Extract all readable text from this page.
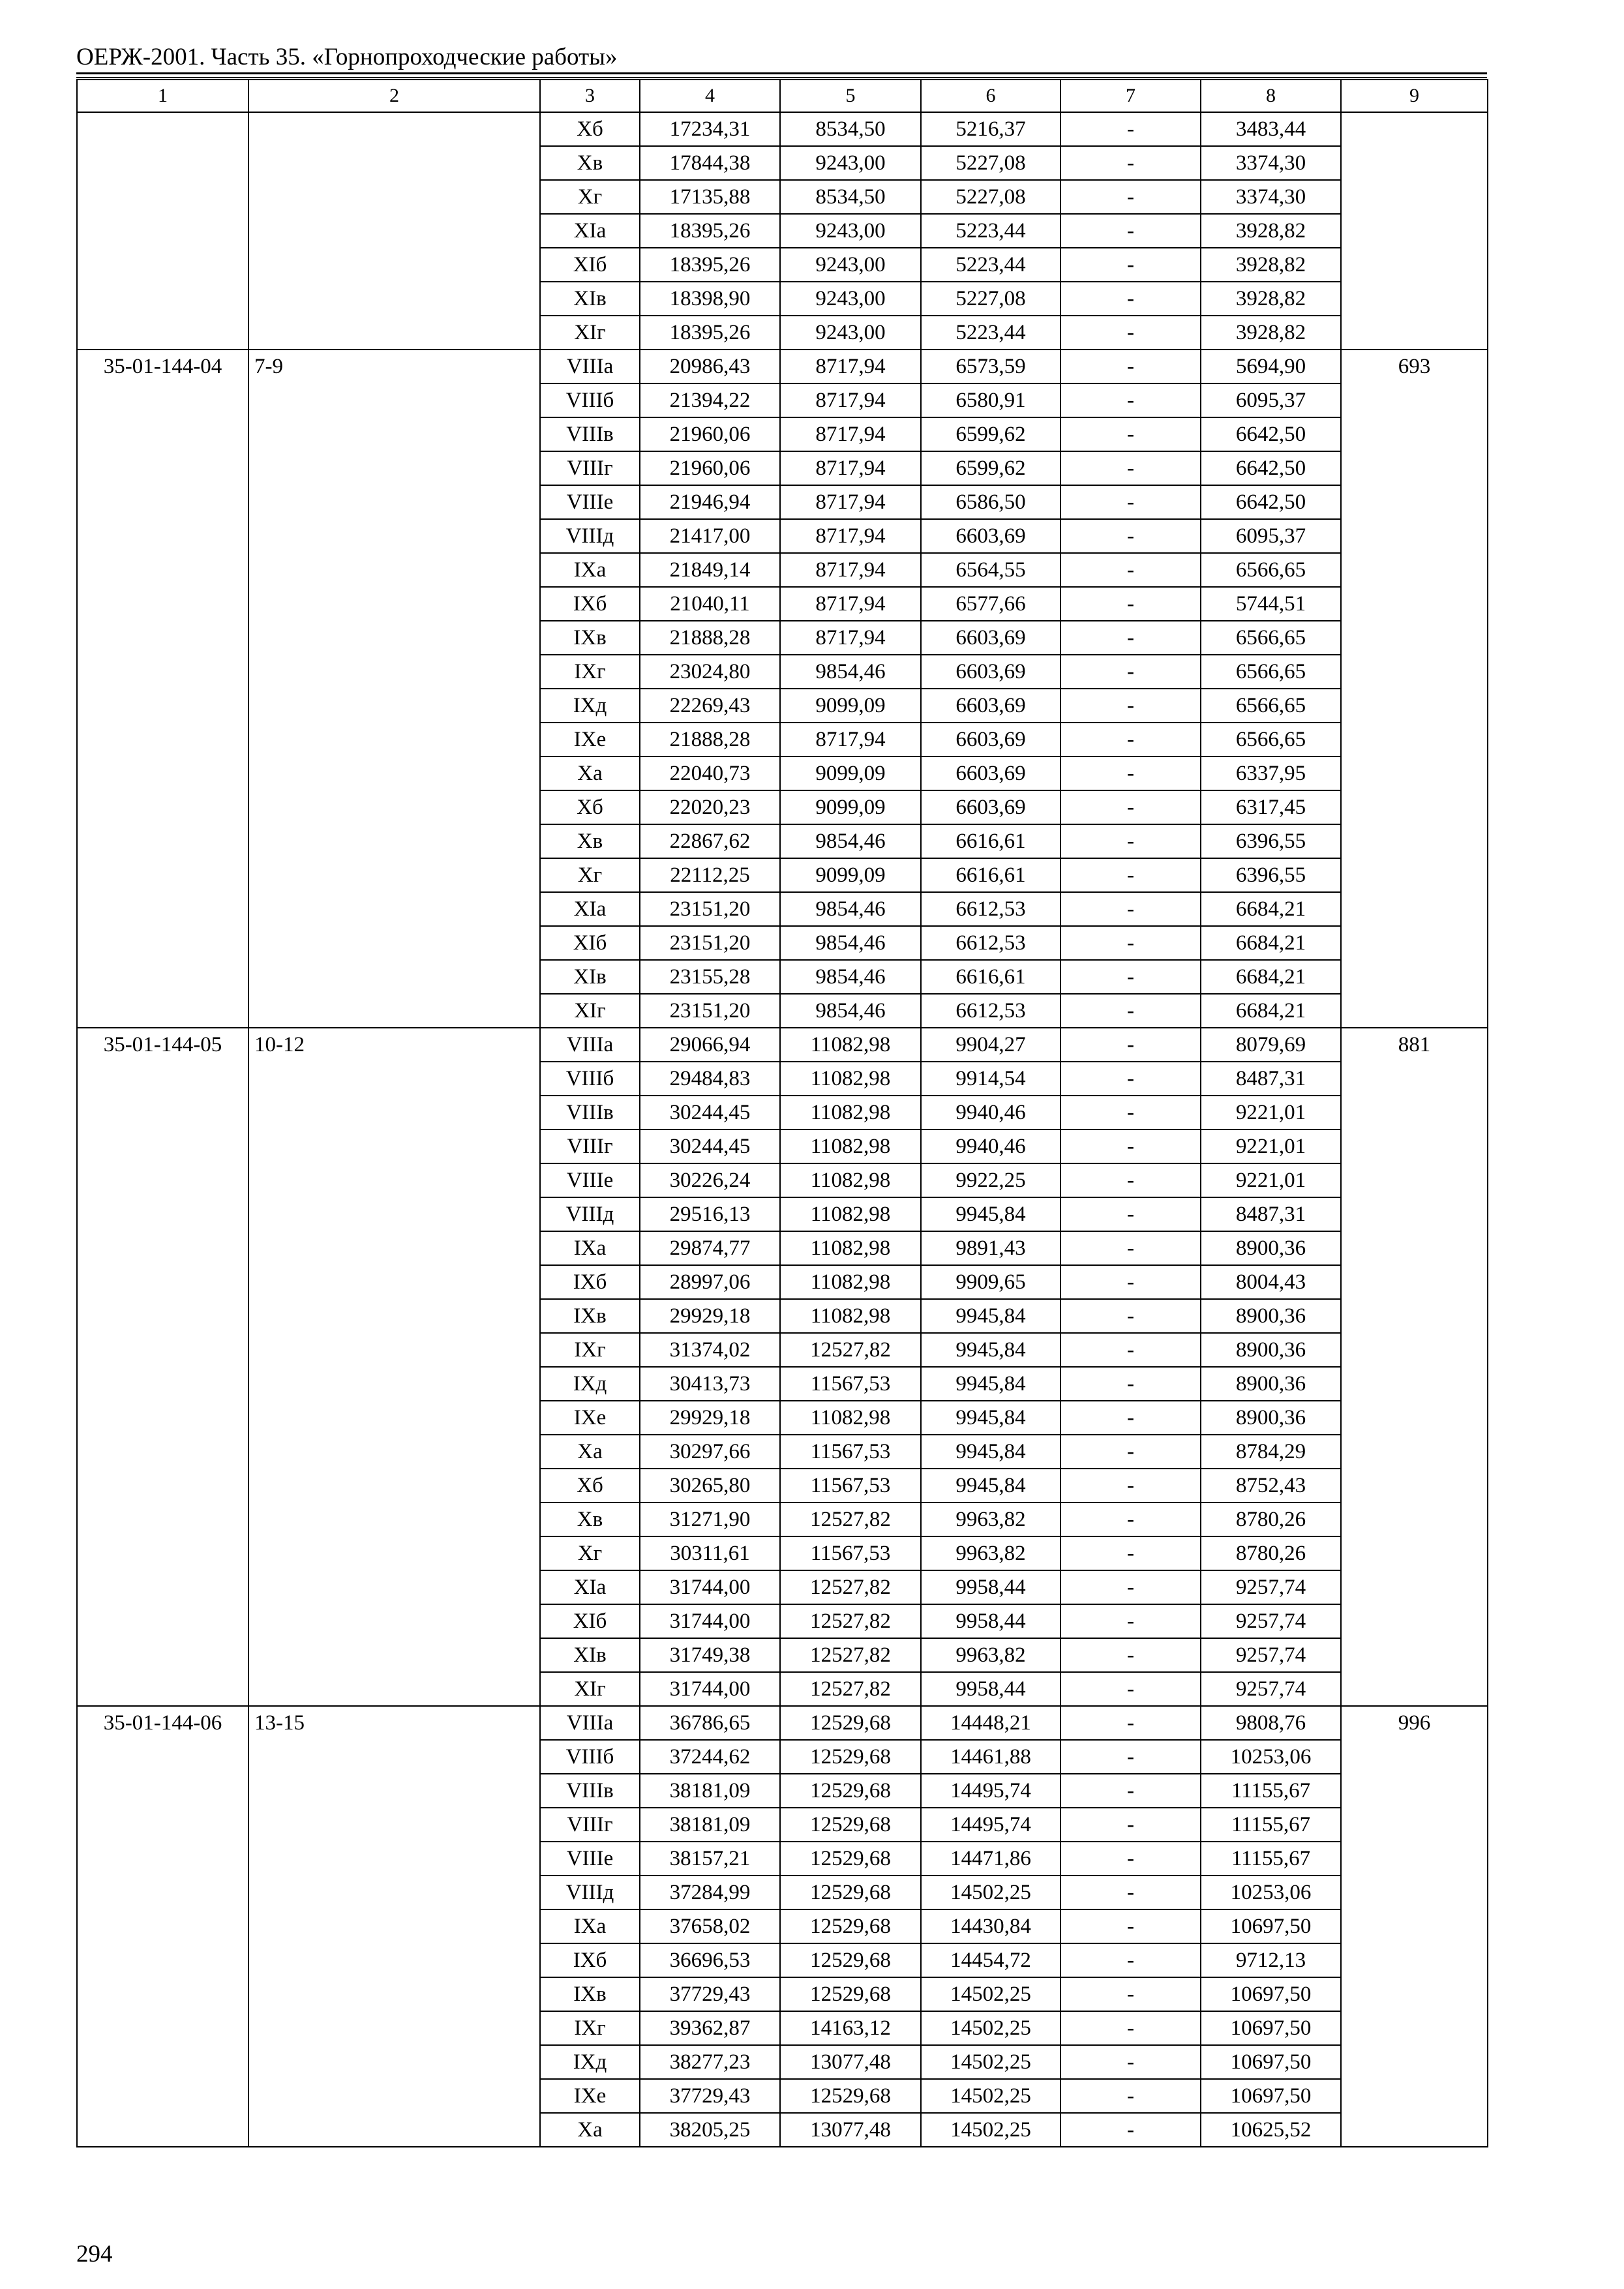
ОЕРЖ-2001. Часть 35. «Горнопроходческие работы»
1	2	3	4	5	6	7	8	9
		Xб	17234,31	8534,50	5216,37	-	3483,44	
		Xв	17844,38	9243,00	5227,08	-	3374,30	
		Xг	17135,88	8534,50	5227,08	-	3374,30	
		XIа	18395,26	9243,00	5223,44	-	3928,82	
		XIб	18395,26	9243,00	5223,44	-	3928,82	
		XIв	18398,90	9243,00	5227,08	-	3928,82	
		XIг	18395,26	9243,00	5223,44	-	3928,82	
35-01-144-04	7-9	VIIIа	20986,43	8717,94	6573,59	-	5694,90	693
		VIIIб	21394,22	8717,94	6580,91	-	6095,37	
		VIIIв	21960,06	8717,94	6599,62	-	6642,50	
		VIIIг	21960,06	8717,94	6599,62	-	6642,50	
		VIIIе	21946,94	8717,94	6586,50	-	6642,50	
		VIIIд	21417,00	8717,94	6603,69	-	6095,37	
		IXа	21849,14	8717,94	6564,55	-	6566,65	
		IXб	21040,11	8717,94	6577,66	-	5744,51	
		IXв	21888,28	8717,94	6603,69	-	6566,65	
		IXг	23024,80	9854,46	6603,69	-	6566,65	
		IXд	22269,43	9099,09	6603,69	-	6566,65	
		IXе	21888,28	8717,94	6603,69	-	6566,65	
		Xа	22040,73	9099,09	6603,69	-	6337,95	
		Xб	22020,23	9099,09	6603,69	-	6317,45	
		Xв	22867,62	9854,46	6616,61	-	6396,55	
		Xг	22112,25	9099,09	6616,61	-	6396,55	
		XIа	23151,20	9854,46	6612,53	-	6684,21	
		XIб	23151,20	9854,46	6612,53	-	6684,21	
		XIв	23155,28	9854,46	6616,61	-	6684,21	
		XIг	23151,20	9854,46	6612,53	-	6684,21	
35-01-144-05	10-12	VIIIа	29066,94	11082,98	9904,27	-	8079,69	881
		VIIIб	29484,83	11082,98	9914,54	-	8487,31	
		VIIIв	30244,45	11082,98	9940,46	-	9221,01	
		VIIIг	30244,45	11082,98	9940,46	-	9221,01	
		VIIIе	30226,24	11082,98	9922,25	-	9221,01	
		VIIIд	29516,13	11082,98	9945,84	-	8487,31	
		IXа	29874,77	11082,98	9891,43	-	8900,36	
		IXб	28997,06	11082,98	9909,65	-	8004,43	
		IXв	29929,18	11082,98	9945,84	-	8900,36	
		IXг	31374,02	12527,82	9945,84	-	8900,36	
		IXд	30413,73	11567,53	9945,84	-	8900,36	
		IXе	29929,18	11082,98	9945,84	-	8900,36	
		Xа	30297,66	11567,53	9945,84	-	8784,29	
		Xб	30265,80	11567,53	9945,84	-	8752,43	
		Xв	31271,90	12527,82	9963,82	-	8780,26	
		Xг	30311,61	11567,53	9963,82	-	8780,26	
		XIа	31744,00	12527,82	9958,44	-	9257,74	
		XIб	31744,00	12527,82	9958,44	-	9257,74	
		XIв	31749,38	12527,82	9963,82	-	9257,74	
		XIг	31744,00	12527,82	9958,44	-	9257,74	
35-01-144-06	13-15	VIIIа	36786,65	12529,68	14448,21	-	9808,76	996
		VIIIб	37244,62	12529,68	14461,88	-	10253,06	
		VIIIв	38181,09	12529,68	14495,74	-	11155,67	
		VIIIг	38181,09	12529,68	14495,74	-	11155,67	
		VIIIе	38157,21	12529,68	14471,86	-	11155,67	
		VIIIд	37284,99	12529,68	14502,25	-	10253,06	
		IXа	37658,02	12529,68	14430,84	-	10697,50	
		IXб	36696,53	12529,68	14454,72	-	9712,13	
		IXв	37729,43	12529,68	14502,25	-	10697,50	
		IXг	39362,87	14163,12	14502,25	-	10697,50	
		IXд	38277,23	13077,48	14502,25	-	10697,50	
		IXе	37729,43	12529,68	14502,25	-	10697,50	
		Xа	38205,25	13077,48	14502,25	-	10625,52	
294
